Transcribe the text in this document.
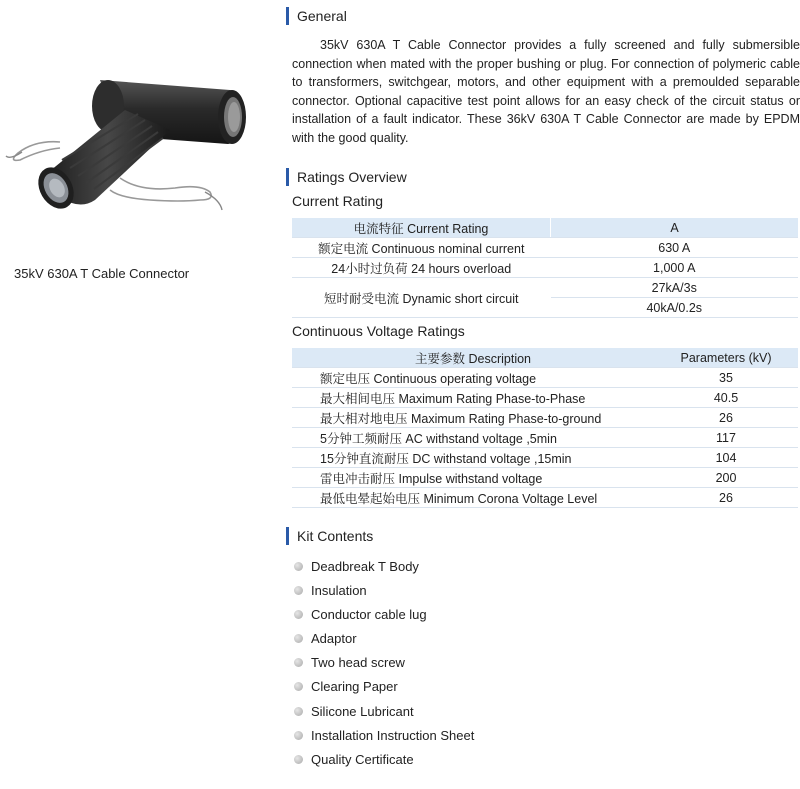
35kV 630A T Cable Connector
General

35kV 630A T Cable Connector provides a fully screened and fully submersible connection when mated with the proper bushing or plug. For connection of polymeric cable to transformers, switchgear, motors, and other equipment with a premoulded separable connector. Optional capacitive test point allows for an easy check of the circuit status or installation of a fault indicator. These 36kV 630A T Cable Connector are made by EPDM with the good quality.

Ratings Overview
Current Rating
电流特征 Current Rating	A
额定电流 Continuous nominal current	630 A
24小时过负荷 24 hours overload	1,000 A
短时耐受电流 Dynamic short circuit	27kA/3s
	40kA/0.2s
Continuous Voltage Ratings
主要参数 Description	Parameters (kV)
额定电压 Continuous operating voltage	35
最大相间电压 Maximum Rating Phase-to-Phase	40.5
最大相对地电压 Maximum Rating Phase-to-ground	26
5分钟工频耐压 AC withstand voltage ,5min	117
15分钟直流耐压 DC withstand voltage ,15min	104
雷电冲击耐压 Impulse withstand voltage	200
最低电晕起始电压 Minimum Corona Voltage Level	26
Kit Contents
Deadbreak T Body
Insulation
Conductor cable lug
Adaptor
Two head screw
Clearing Paper
Silicone Lubricant
Installation Instruction Sheet
Quality Certificate
